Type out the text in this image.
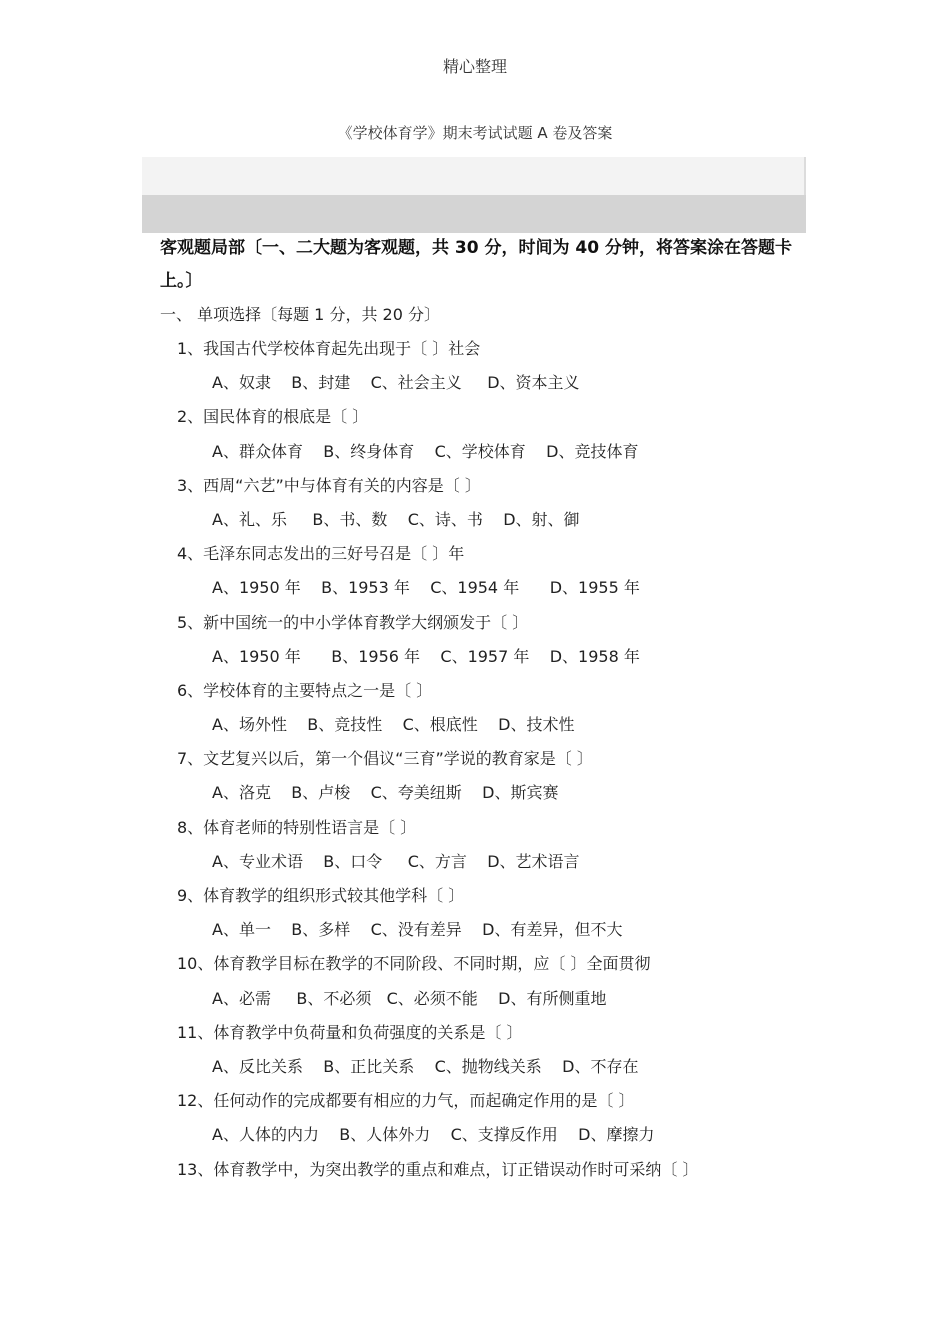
精心整理
《学校体育学》期末考试试题 A 卷及答案
客观题局部〔一、二大题为客观题，共 30 分，时间为 40 分钟，将答案涂在答题卡上。〕
一、 单项选择〔每题 1 分，共 20 分〕
1、我国古代学校体育起先出现于〔 〕社会
A、奴隶    B、封建    C、社会主义     D、资本主义
2、国民体育的根底是〔 〕
A、群众体育    B、终身体育    C、学校体育    D、竞技体育
3、西周“六艺”中与体育有关的内容是〔 〕
A、礼、乐     B、书、数    C、诗、书    D、射、御
4、毛泽东同志发出的三好号召是〔 〕年
A、1950 年    B、1953 年    C、1954 年      D、1955 年
5、新中国统一的中小学体育教学大纲颁发于〔 〕
A、1950 年      B、1956 年    C、1957 年    D、1958 年
6、学校体育的主要特点之一是〔 〕
A、场外性    B、竞技性    C、根底性    D、技术性
7、文艺复兴以后，第一个倡议“三育”学说的教育家是〔 〕
A、洛克    B、卢梭    C、夸美纽斯    D、斯宾赛
8、体育老师的特别性语言是〔 〕
A、专业术语    B、口令     C、方言    D、艺术语言
9、体育教学的组织形式较其他学科〔 〕
A、单一    B、多样    C、没有差异    D、有差异，但不大
10、体育教学目标在教学的不同阶段、不同时期，应〔 〕全面贯彻
A、必需     B、不必须   C、必须不能    D、有所侧重地
11、体育教学中负荷量和负荷强度的关系是〔 〕
A、反比关系    B、正比关系    C、抛物线关系    D、不存在
12、任何动作的完成都要有相应的力气，而起确定作用的是〔 〕
A、人体的内力    B、人体外力    C、支撑反作用    D、摩擦力
13、体育教学中，为突出教学的重点和难点，订正错误动作时可采纳〔 〕
